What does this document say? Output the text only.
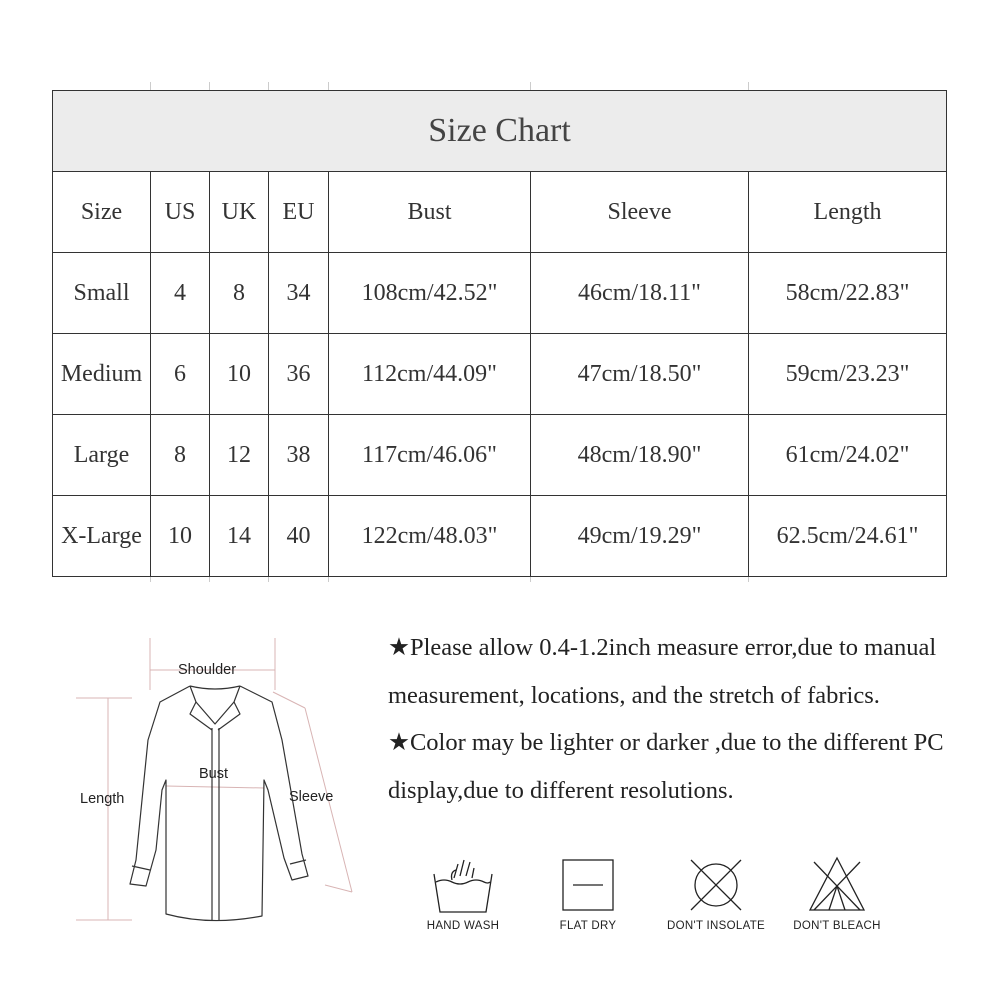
Size Chart						
Size	US	UK	EU	Bust	Sleeve	Length
Small	4	8	34	108cm/42.52"	46cm/18.11"	58cm/22.83"
Medium	6	10	36	112cm/44.09"	47cm/18.50"	59cm/23.23"
Large	8	12	38	117cm/46.06"	48cm/18.90"	61cm/24.02"
X-Large	10	14	40	122cm/48.03"	49cm/19.29"	62.5cm/24.61"
Shoulder
Bust
Length	Sleeve

★Please allow 0.4-1.2inch measure error,due to manual measurement, locations, and the stretch of fabrics.

★Color may be lighter or darker ,due to the different PC display,due to different resolutions.

HAND WASH	FLAT DRY	DON'T INSOLATE	DON'T BLEACH
